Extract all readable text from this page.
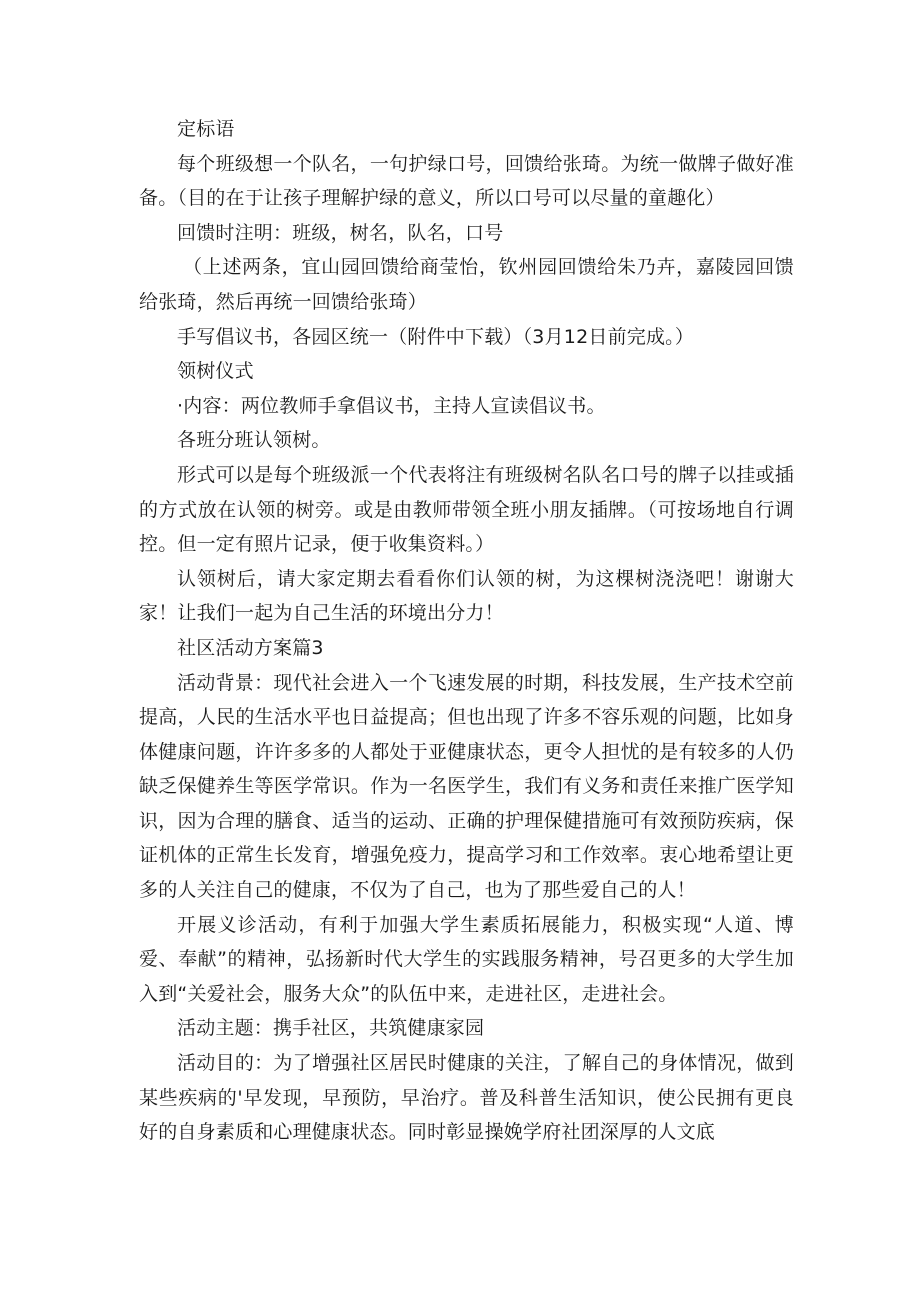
定标语

每个班级想一个队名，一句护绿口号，回馈给张琦。为统一做牌子做好准备。（目的在于让孩子理解护绿的意义，所以口号可以尽量的童趣化）

回馈时注明：班级，树名，队名，口号

（上述两条，宜山园回馈给商莹怡，钦州园回馈给朱乃卉，嘉陵园回馈给张琦，然后再统一回馈给张琦）

手写倡议书，各园区统一（附件中下载）（3月12日前完成。）

领树仪式

·内容：两位教师手拿倡议书，主持人宣读倡议书。

各班分班认领树。

形式可以是每个班级派一个代表将注有班级树名队名口号的牌子以挂或插的方式放在认领的树旁。或是由教师带领全班小朋友插牌。（可按场地自行调控。但一定有照片记录，便于收集资料。）

认领树后，请大家定期去看看你们认领的树，为这棵树浇浇吧！谢谢大家！让我们一起为自己生活的环境出分力！

社区活动方案篇3

活动背景：现代社会进入一个飞速发展的时期，科技发展，生产技术空前提高，人民的生活水平也日益提高；但也出现了许多不容乐观的问题，比如身体健康问题，许许多多的人都处于亚健康状态，更令人担忧的是有较多的人仍缺乏保健养生等医学常识。作为一名医学生，我们有义务和责任来推广医学知识，因为合理的膳食、适当的运动、正确的护理保健措施可有效预防疾病，保证机体的正常生长发育，增强免疫力，提高学习和工作效率。衷心地希望让更多的人关注自己的健康，不仅为了自己，也为了那些爱自己的人！

开展义诊活动，有利于加强大学生素质拓展能力，积极实现“人道、博爱、奉献”的精神，弘扬新时代大学生的实践服务精神，号召更多的大学生加入到“关爱社会，服务大众”的队伍中来，走进社区，走进社会。

活动主题：携手社区，共筑健康家园

活动目的：为了增强社区居民时健康的关注，了解自己的身体情况，做到某些疾病的'早发现，早预防，早治疗。普及科普生活知识，使公民拥有更良好的自身素质和心理健康状态。同时彰显操娩学府社团深厚的人文底
